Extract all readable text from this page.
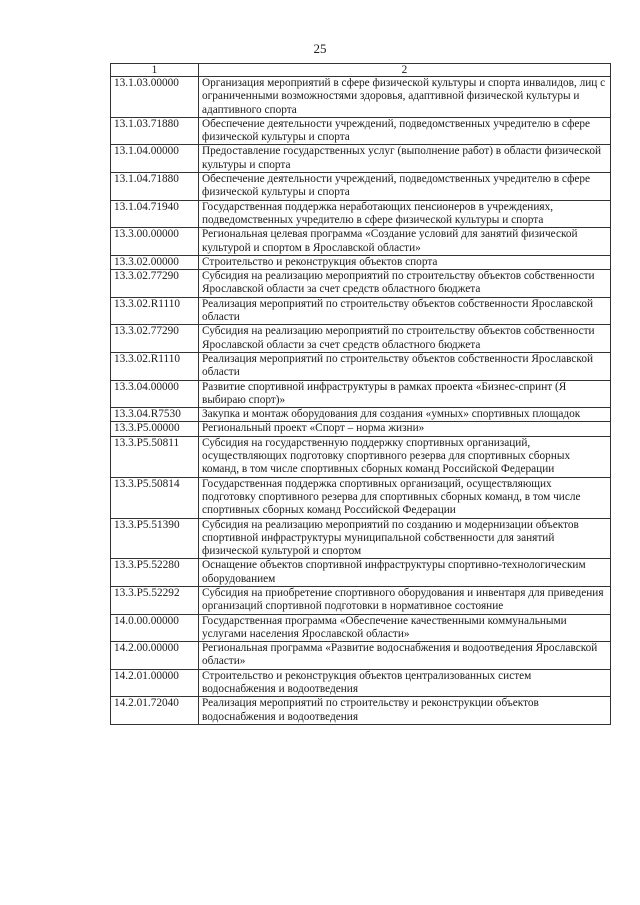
25
1	2
13.1.03.00000	Организация мероприятий в сфере физической культуры и спорта инвалидов, лиц с ограниченными возможностями здоровья, адаптивной физической культуры и адаптивного спорта
13.1.03.71880	Обеспечение деятельности учреждений, подведомственных учредителю в сфере физической культуры и спорта
13.1.04.00000	Предоставление государственных услуг (выполнение работ) в области физической культуры и спорта
13.1.04.71880	Обеспечение деятельности учреждений, подведомственных учредителю в сфере физической культуры и спорта
13.1.04.71940	Государственная поддержка неработающих пенсионеров в учреждениях, подведомственных учредителю в сфере физической культуры и спорта
13.3.00.00000	Региональная целевая программа «Создание условий для занятий физической культурой и спортом в Ярославской области»
13.3.02.00000	Строительство и реконструкция объектов спорта
13.3.02.77290	Субсидия на реализацию мероприятий по строительству объектов собственности Ярославской области за счет средств областного бюджета
13.3.02.R1110	Реализация мероприятий по строительству объектов собственности Ярославской области
13.3.02.77290	Субсидия на реализацию мероприятий по строительству объектов собственности Ярославской области за счет средств областного бюджета
13.3.02.R1110	Реализация мероприятий по строительству объектов собственности Ярославской области
13.3.04.00000	Развитие спортивной инфраструктуры в рамках проекта «Бизнес-спринт (Я выбираю спорт)»
13.3.04.R7530	Закупка и монтаж оборудования для создания «умных» спортивных площадок
13.3.P5.00000	Региональный проект «Спорт – норма жизни»
13.3.P5.50811	Субсидия на государственную поддержку спортивных организаций, осуществляющих подготовку спортивного резерва для спортивных сборных команд, в том числе спортивных сборных команд Российской Федерации
13.3.P5.50814	Государственная поддержка спортивных организаций, осуществляющих подготовку спортивного резерва для спортивных сборных команд, в том числе спортивных сборных команд Российской Федерации
13.3.P5.51390	Субсидия на реализацию мероприятий по созданию и модернизации объектов спортивной инфраструктуры муниципальной собственности для занятий физической культурой и спортом
13.3.P5.52280	Оснащение объектов спортивной инфраструктуры спортивно-технологическим оборудованием
13.3.P5.52292	Субсидия на приобретение спортивного оборудования и инвентаря для приведения организаций спортивной подготовки в нормативное состояние
14.0.00.00000	Государственная программа «Обеспечение качественными коммунальными услугами населения Ярославской области»
14.2.00.00000	Региональная программа «Развитие водоснабжения и водоотведения Ярославской области»
14.2.01.00000	Строительство и реконструкция объектов централизованных систем водоснабжения и водоотведения
14.2.01.72040	Реализация мероприятий по строительству и реконструкции объектов водоснабжения и водоотведения
